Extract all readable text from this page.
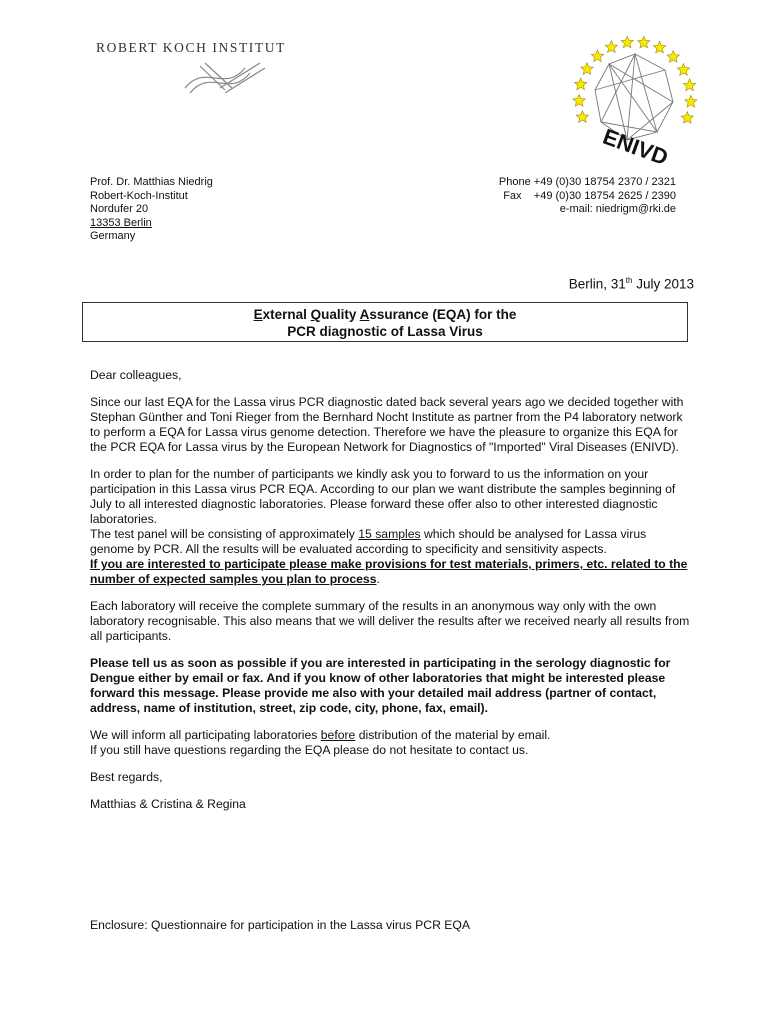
ROBERT KOCH INSTITUT
ENIVD
Prof. Dr. Matthias Niedrig
Robert-Koch-Institut
Nordufer 20
13353 Berlin
Germany
Phone +49 (0)30 18754 2370 / 2321
Fax +49 (0)30 18754 2625 / 2390
e-mail: niedrigm@rki.de
Berlin, 31th July 2013
External Quality Assurance (EQA) for the
PCR diagnostic of Lassa Virus

Dear colleagues,

Since our last EQA for the Lassa virus PCR diagnostic dated back several years ago we decided together with Stephan Günther and Toni Rieger from the Bernhard Nocht Institute as partner from the P4 laboratory network to perform a EQA for Lassa virus genome detection. Therefore we have the pleasure to organize this EQA for the PCR EQA for Lassa virus by the European Network for Diagnostics of "Imported" Viral Diseases (ENIVD).

In order to plan for the number of participants we kindly ask you to forward to us the information on your participation in this Lassa virus PCR EQA. According to our plan we want distribute the samples beginning of July to all interested diagnostic laboratories. Please forward these offer also to other interested diagnostic laboratories.

The test panel will be consisting of approximately 15 samples which should be analysed for Lassa virus genome by PCR. All the results will be evaluated according to specificity and sensitivity aspects.
If you are interested to participate please make provisions for test materials, primers, etc. related to the number of expected samples you plan to process.

Each laboratory will receive the complete summary of the results in an anonymous way only with the own laboratory recognisable. This also means that we will deliver the results after we received nearly all results from all participants.

Please tell us as soon as possible if you are interested in participating in the serology diagnostic for Dengue either by email or fax. And if you know of other laboratories that might be interested please forward this message. Please provide me also with your detailed mail address (partner of contact, address, name of institution, street, zip code, city, phone, fax, email).

We will inform all participating laboratories before distribution of the material by email.
If you still have questions regarding the EQA please do not hesitate to contact us.

Best regards,

Matthias & Cristina & Regina

Enclosure: Questionnaire for participation in the Lassa virus PCR EQA
